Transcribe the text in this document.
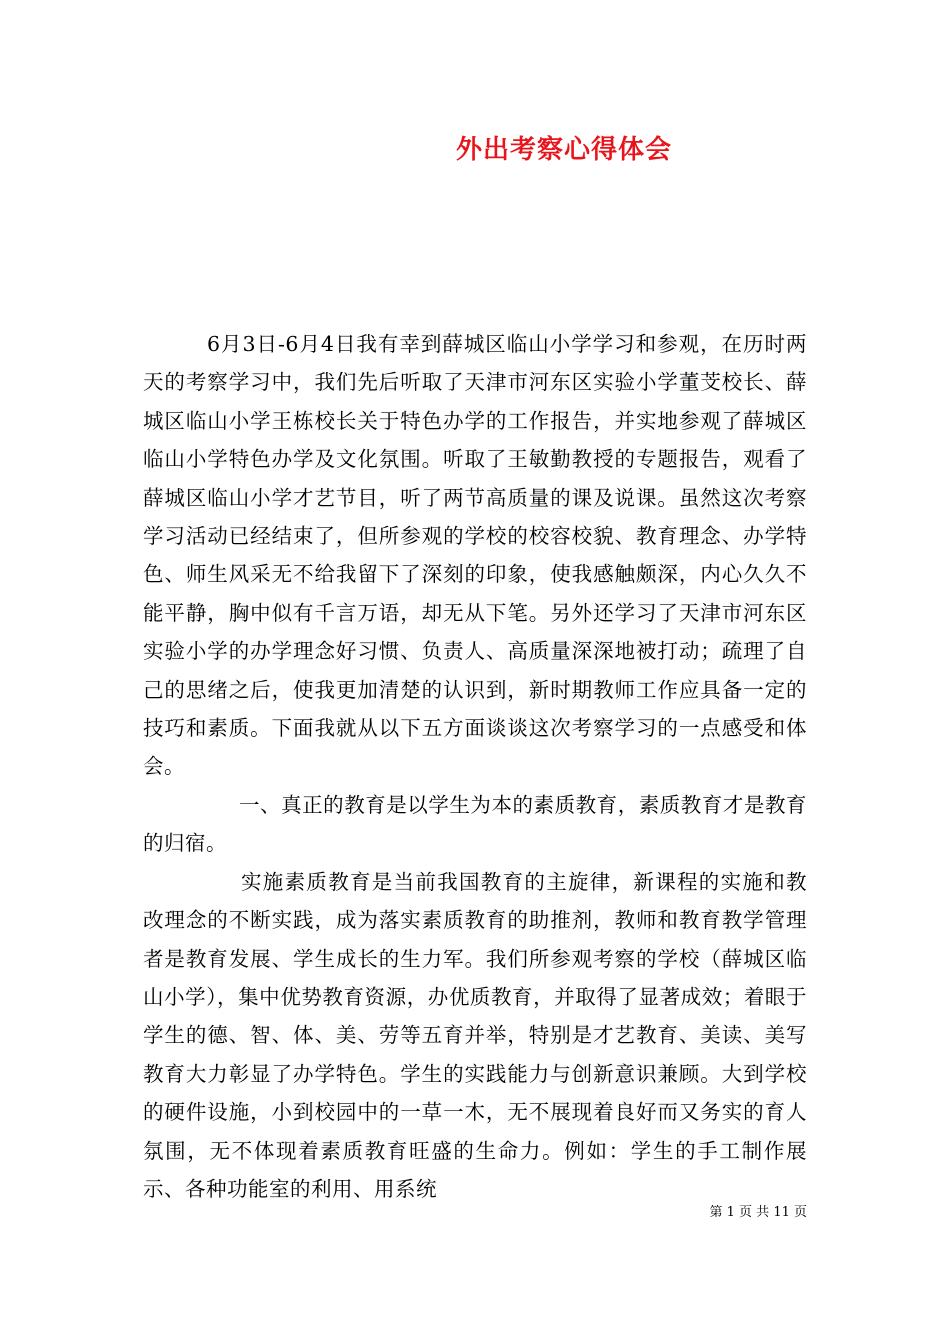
外出考察心得体会

6月3日-6月4日我有幸到薛城区临山小学学习和参观，在历时两天的考察学习中，我们先后听取了天津市河东区实验小学董芠校长、薛城区临山小学王栋校长关于特色办学的工作报告，并实地参观了薛城区临山小学特色办学及文化氛围。听取了王敏勤教授的专题报告，观看了薛城区临山小学才艺节目，听了两节高质量的课及说课。虽然这次考察学习活动已经结束了，但所参观的学校的校容校貌、教育理念、办学特色、师生风采无不给我留下了深刻的印象，使我感触颇深，内心久久不能平静，胸中似有千言万语，却无从下笔。另外还学习了天津市河东区实验小学的办学理念好习惯、负责人、高质量深深地被打动；疏理了自己的思绪之后，使我更加清楚的认识到，新时期教师工作应具备一定的技巧和素质。下面我就从以下五方面谈谈这次考察学习的一点感受和体会。

一、真正的教育是以学生为本的素质教育，素质教育才是教育的归宿。

实施素质教育是当前我国教育的主旋律，新课程的实施和教改理念的不断实践，成为落实素质教育的助推剂，教师和教育教学管理者是教育发展、学生成长的生力军。我们所参观考察的学校（薛城区临山小学），集中优势教育资源，办优质教育，并取得了显著成效；着眼于学生的德、智、体、美、劳等五育并举，特别是才艺教育、美读、美写教育大力彰显了办学特色。学生的实践能力与创新意识兼顾。大到学校的硬件设施，小到校园中的一草一木，无不展现着良好而又务实的育人氛围，无不体现着素质教育旺盛的生命力。例如：学生的手工制作展示、各种功能室的利用、用系统

第 1 页 共 11 页
